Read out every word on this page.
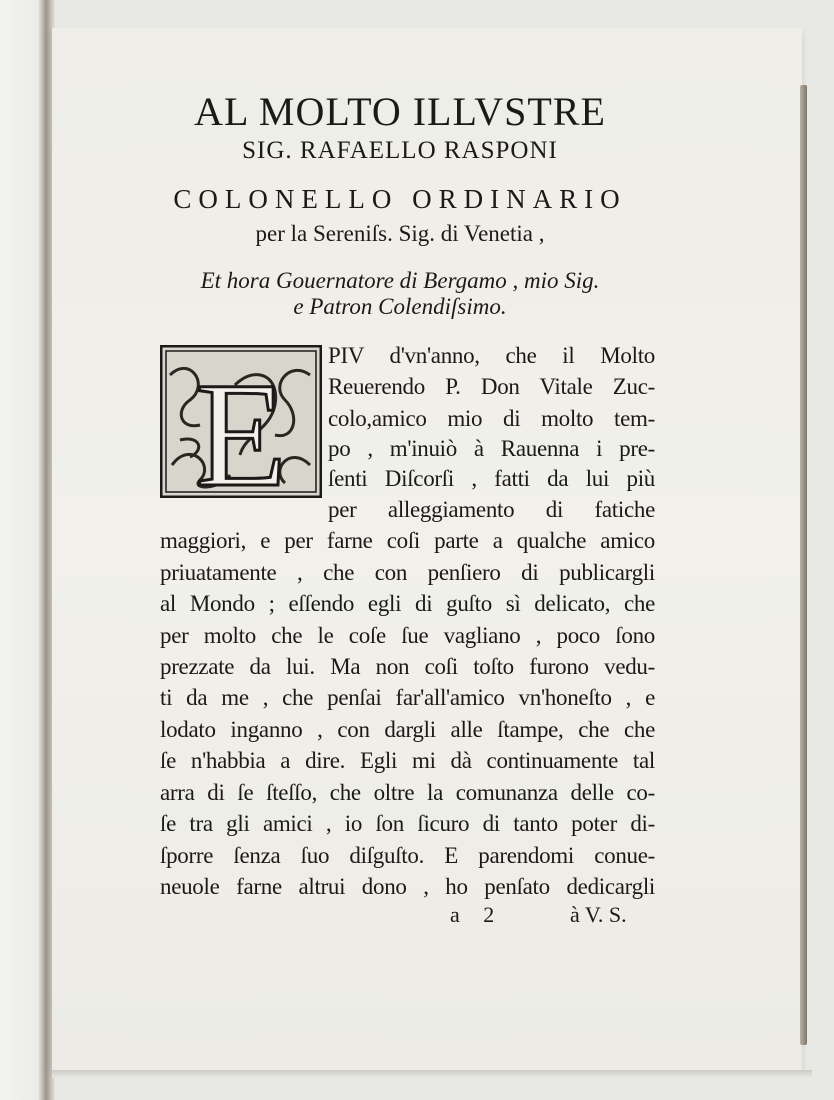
AL MOLTO ILLVSTRE
SIG. RAFAELLO RASPONI
COLONELLO ORDINARIO
per la Sereniſs. Sig. di Venetia ,
Et hora Gouernatore di Bergamo , mio Sig.
e Patron Colendiſsimo.
E PIV d'vn'anno, che il Molto
Reuerendo P. Don Vitale Zuc-
colo,amico mio di molto tem-
po , m'inuiò à Rauenna i pre-
ſenti Diſcorſi , fatti da lui più
per alleggiamento di fatiche
maggiori, e per farne coſi parte a qualche amico
priuatamente , che con penſiero di publicargli
al Mondo ; eſſendo egli di guſto sì delicato, che
per molto che le coſe ſue vagliano , poco ſono
prezzate da lui. Ma non coſi toſto furono vedu-
ti da me , che penſai far'all'amico vn'honeſto , e
lodato inganno , con dargli alle ſtampe, che che
ſe n'habbia a dire. Egli mi dà continuamente tal
arra di ſe ſteſſo, che oltre la comunanza delle co-
ſe tra gli amici , io ſon ſicuro di tanto poter di-
ſporre ſenza ſuo diſguſto. E parendomi conue-
neuole farne altrui dono , ho penſato dedicargli
a 2	à V. S.
